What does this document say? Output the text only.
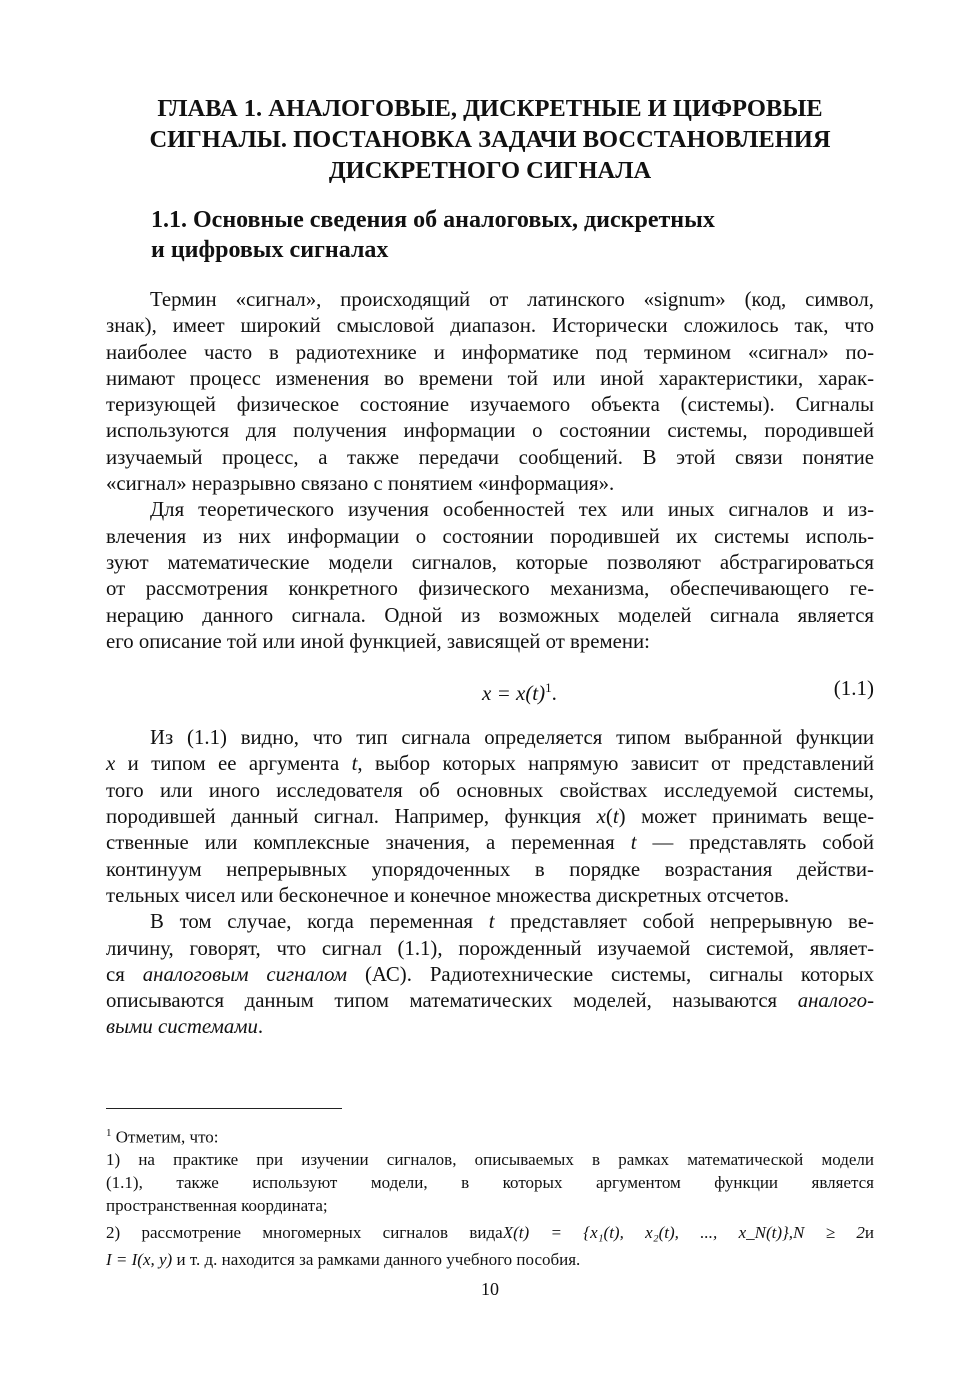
ГЛАВА 1. АНАЛОГОВЫЕ, ДИСКРЕТНЫЕ И ЦИФРОВЫЕ
СИГНАЛЫ. ПОСТАНОВКА ЗАДАЧИ ВОССТАНОВЛЕНИЯ
ДИСКРЕТНОГО СИГНАЛА
1.1. Основные сведения об аналоговых, дискретных
и цифровых сигналах

Термин «сигнал», происходящий от латинского «signum» (код, символ,
знак), имеет широкий смысловой диапазон. Исторически сложилось так, что
наиболее часто в радиотехнике и информатике под термином «сигнал» по-
нимают процесс изменения во времени той или иной характеристики, харак-
теризующей физическое состояние изучаемого объекта (системы). Сигналы
используются для получения информации о состоянии системы, породившей
изучаемый процесс, а также передачи сообщений. В этой связи понятие
«сигнал» неразрывно связано с понятием «информация».

Для теоретического изучения особенностей тех или иных сигналов и из-
влечения из них информации о состоянии породившей их системы исполь-
зуют математические модели сигналов, которые позволяют абстрагироваться
от рассмотрения конкретного физического механизма, обеспечивающего ге-
нерацию данного сигнала. Одной из возможных моделей сигнала является
его описание той или иной функцией, зависящей от времени:

$x = x(t)^1$.	(1.1)

Из (1.1) видно, что тип сигнала определяется типом выбранной функции
x и типом ее аргумента t, выбор которых напрямую зависит от представлений
того или иного исследователя об основных свойствах исследуемой системы,
породившей данный сигнал. Например, функция x(t) может принимать веще-
ственные или комплексные значения, а переменная t — представлять собой
континуум непрерывных упорядоченных в порядке возрастания действи-
тельных чисел или бесконечное и конечное множества дискретных отсчетов.

В том случае, когда переменная t представляет собой непрерывную ве-
личину, говорят, что сигнал (1.1), порожденный изучаемой системой, являет-
ся аналоговым сигналом (АС). Радиотехнические системы, сигналы которых
описываются данным типом математических моделей, называются аналого-
выми системами.

$^1$ Отметим, что:
1) на практике при изучении сигналов, описываемых в рамках математической модели
(1.1), также используют модели, в которых аргументом функции является
пространственная координата;
2) рассмотрение многомерных сигналов видаX(t) = {x₁(t), x₂(t), ..., x_N(t)},N ≥ 2и
I = I(x, y) и т. д. находится за рамками данного учебного пособия.
10
